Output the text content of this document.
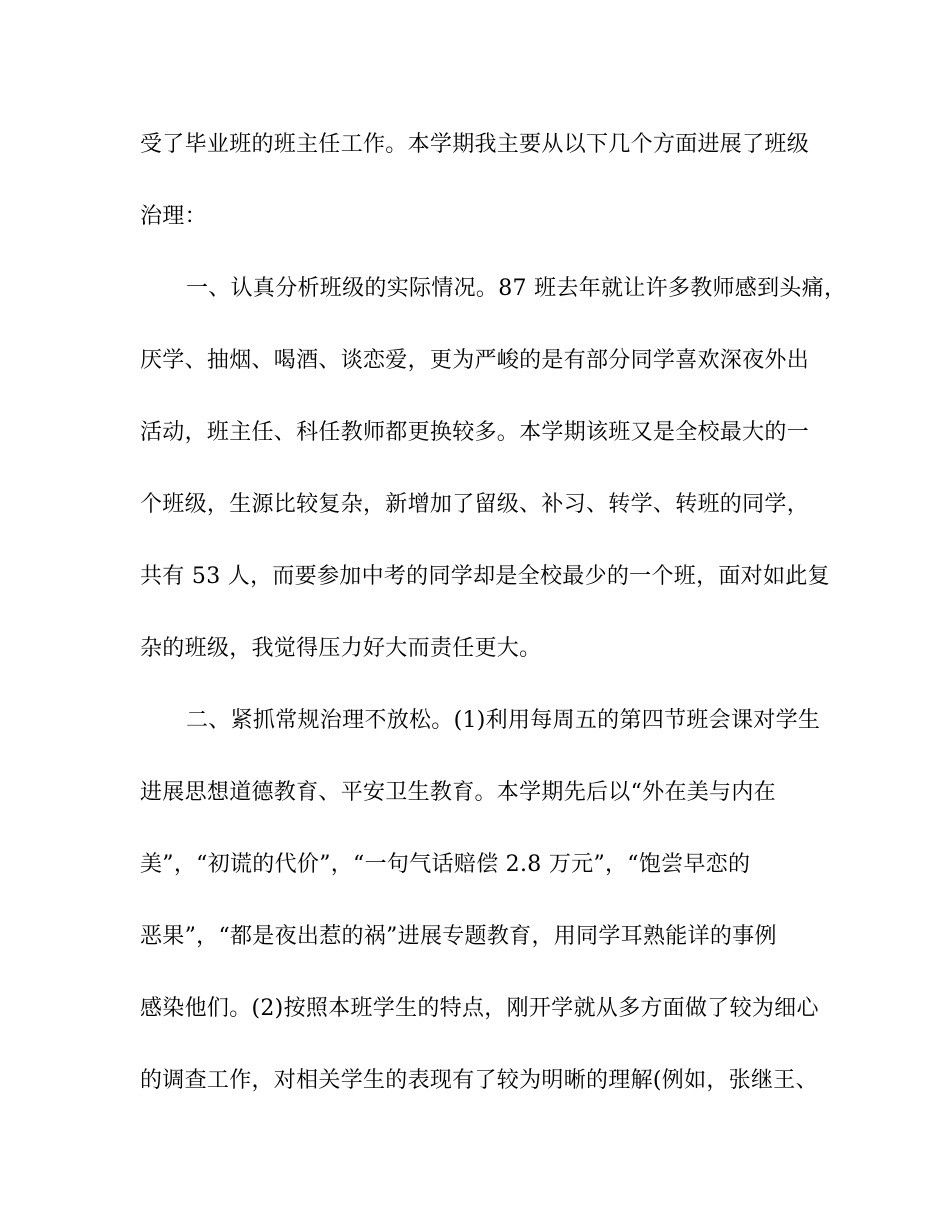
受了毕业班的班主任工作。本学期我主要从以下几个方面进展了班级
治理：
一、认真分析班级的实际情况。87 班去年就让许多教师感到头痛，
厌学、抽烟、喝酒、谈恋爱，更为严峻的是有部分同学喜欢深夜外出
活动，班主任、科任教师都更换较多。本学期该班又是全校最大的一
个班级，生源比较复杂，新增加了留级、补习、转学、转班的同学，
共有 53 人，而要参加中考的同学却是全校最少的一个班，面对如此复
杂的班级，我觉得压力好大而责任更大。
二、紧抓常规治理不放松。(1)利用每周五的第四节班会课对学生
进展思想道德教育、平安卫生教育。本学期先后以“外在美与内在
美”，“初谎的代价”，“一句气话赔偿 2.8 万元”，“饱尝早恋的
恶果”，“都是夜出惹的祸”进展专题教育，用同学耳熟能详的事例
感染他们。(2)按照本班学生的特点，刚开学就从多方面做了较为细心
的调查工作，对相关学生的表现有了较为明晰的理解(例如，张继王、
